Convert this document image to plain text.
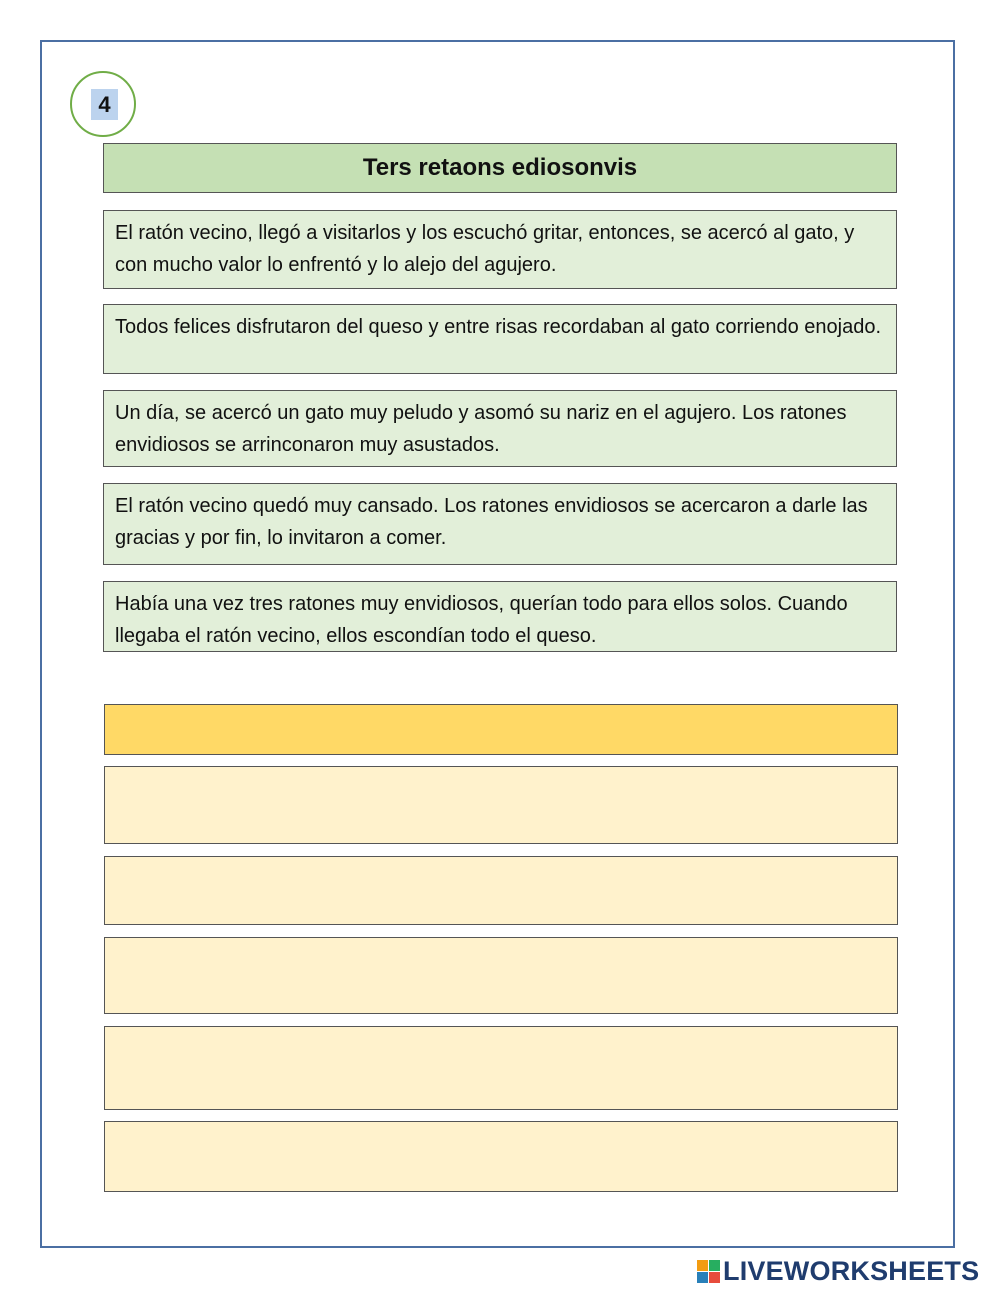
4
Ters retaons ediosonvis
El ratón vecino, llegó a visitarlos y los escuchó gritar, entonces, se acercó al gato, y con mucho valor lo enfrentó y lo alejo del agujero.
Todos felices disfrutaron del queso y entre risas recordaban al gato corriendo enojado.
Un día, se acercó un gato muy peludo y asomó su nariz en el agujero. Los ratones envidiosos se arrinconaron muy asustados.
El ratón vecino quedó muy cansado. Los ratones envidiosos se acercaron a darle las gracias y por fin, lo invitaron a comer.
Había una vez tres ratones muy envidiosos, querían todo para ellos solos. Cuando llegaba el ratón vecino, ellos escondían todo el queso.
LIVEWORKSHEETS
